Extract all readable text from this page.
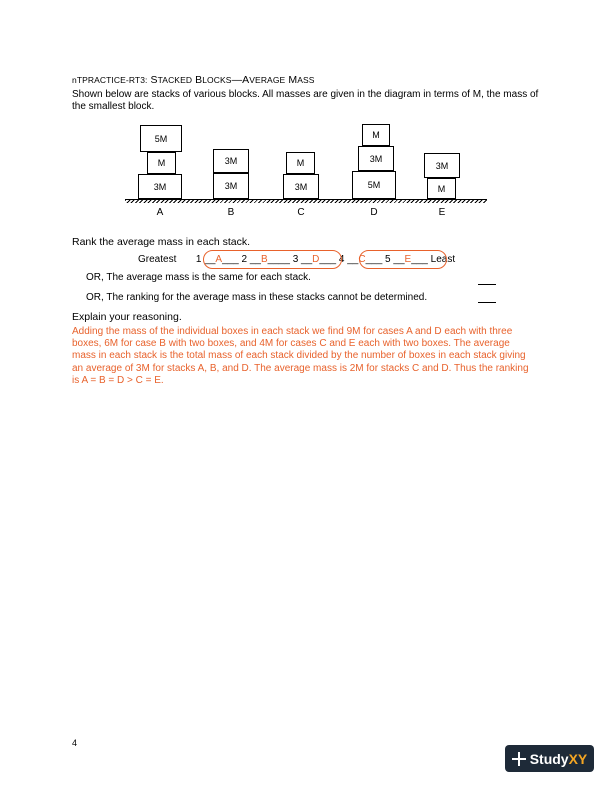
nTPRACTICE-RT3: STACKED BLOCKS—AVERAGE MASS
Shown below are stacks of various blocks. All masses are given in the diagram in terms of M, the mass of the smallest block.
5M
M
3M
3M
3M
M
3M
M
3M
5M
3M
M
A	B	C	D	E
Rank the average mass in each stack.
Greatest 1 __A___ 2 __B____ 3 __D___ 4 __C___ 5 __E___ Least
OR, The average mass is the same for each stack.
OR, The ranking for the average mass in these stacks cannot be determined.
Explain your reasoning.
Adding the mass of the individual boxes in each stack we find 9M for cases A and D each with three boxes, 6M for case B with two boxes, and 4M for cases C and E each with two boxes. The average mass in each stack is the total mass of each stack divided by the number of boxes in each stack giving an average of 3M for stacks A, B, and D. The average mass is 2M for stacks C and D. Thus the ranking is A = B = D > C = E.
4
StudyXY
